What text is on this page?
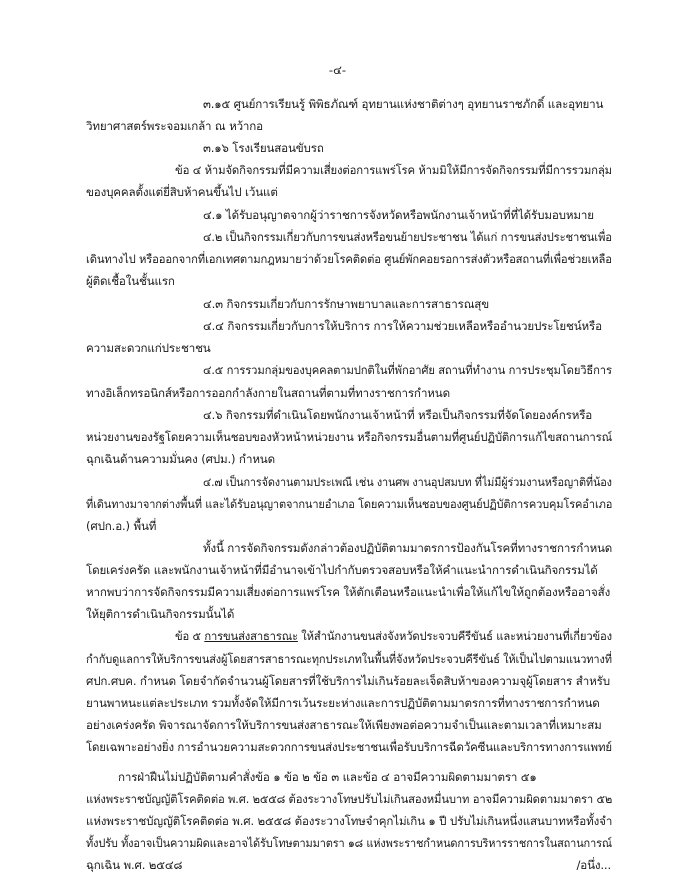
-๔-
๓.๑๕ ศูนย์การเรียนรู้ พิพิธภัณฑ์ อุทยานแห่งชาติต่างๆ อุทยานราชภักดิ์ และอุทยาน
วิทยาศาสตร์พระจอมเกล้า ณ หว้ากอ
๓.๑๖ โรงเรียนสอนขับรถ
ข้อ ๔ ห้ามจัดกิจกรรมที่มีความเสี่ยงต่อการแพร่โรค ห้ามมิให้มีการจัดกิจกรรมที่มีการรวมกลุ่ม
ของบุคคลตั้งแต่ยี่สิบห้าคนขึ้นไป เว้นแต่
๔.๑ ได้รับอนุญาตจากผู้ว่าราชการจังหวัดหรือพนักงานเจ้าหน้าที่ที่ได้รับมอบหมาย
๔.๒ เป็นกิจกรรมเกี่ยวกับการขนส่งหรือขนย้ายประชาชน ได้แก่ การขนส่งประชาชนเพื่อ
เดินทางไป หรือออกจากที่เอกเทศตามกฎหมายว่าด้วยโรคติดต่อ ศูนย์พักคอยรอการส่งตัวหรือสถานที่เพื่อช่วยเหลือ
ผู้ติดเชื้อในชั้นแรก
๔.๓ กิจกรรมเกี่ยวกับการรักษาพยาบาลและการสาธารณสุข
๔.๔ กิจกรรมเกี่ยวกับการให้บริการ การให้ความช่วยเหลือหรืออำนวยประโยชน์หรือ
ความสะดวกแก่ประชาชน
๔.๕ การรวมกลุ่มของบุคคลตามปกติในที่พักอาศัย สถานที่ทำงาน การประชุมโดยวิธีการ
ทางอิเล็กทรอนิกส์หรือการออกกำลังกายในสถานที่ตามที่ทางราชการกำหนด
๔.๖ กิจกรรมที่ดำเนินโดยพนักงานเจ้าหน้าที่ หรือเป็นกิจกรรมที่จัดโดยองค์กรหรือ
หน่วยงานของรัฐโดยความเห็นชอบของหัวหน้าหน่วยงาน หรือกิจกรรมอื่นตามที่ศูนย์ปฏิบัติการแก้ไขสถานการณ์
ฉุกเฉินด้านความมั่นคง (ศปม.) กำหนด
๔.๗ เป็นการจัดงานตามประเพณี เช่น งานศพ งานอุปสมบท ที่ไม่มีผู้ร่วมงานหรือญาติที่น้อง
ที่เดินทางมาจากต่างพื้นที่ และได้รับอนุญาตจากนายอำเภอ โดยความเห็นชอบของศูนย์ปฏิบัติการควบคุมโรคอำเภอ
(ศปก.อ.) พื้นที่
ทั้งนี้ การจัดกิจกรรมดังกล่าวต้องปฏิบัติตามมาตรการป้องกันโรคที่ทางราชการกำหนด
โดยเคร่งครัด และพนักงานเจ้าหน้าที่มีอำนาจเข้าไปกำกับตรวจสอบหรือให้คำแนะนำการดำเนินกิจกรรมได้
หากพบว่าการจัดกิจกรรมมีความเสี่ยงต่อการแพร่โรค ให้ตักเตือนหรือแนะนำเพื่อให้แก้ไขให้ถูกต้องหรืออาจสั่ง
ให้ยุติการดำเนินกิจกรรมนั้นได้
ข้อ ๕ การขนส่งสาธารณะ ให้สำนักงานขนส่งจังหวัดประจวบคีรีขันธ์ และหน่วยงานที่เกี่ยวข้อง
กำกับดูแลการให้บริการขนส่งผู้โดยสารสาธารณะทุกประเภทในพื้นที่จังหวัดประจวบคีรีขันธ์ ให้เป็นไปตามแนวทางที่
ศปก.ศบค. กำหนด โดยจำกัดจำนวนผู้โดยสารที่ใช้บริการไม่เกินร้อยละเจ็ดสิบห้าของความจุผู้โดยสาร สำหรับ
ยานพาหนะแต่ละประเภท รวมทั้งจัดให้มีการเว้นระยะห่างและการปฏิบัติตามมาตรการที่ทางราชการกำหนด
อย่างเคร่งครัด พิจารณาจัดการให้บริการขนส่งสาธารณะให้เพียงพอต่อความจำเป็นและตามเวลาที่เหมาะสม
โดยเฉพาะอย่างยิ่ง การอำนวยความสะดวกการขนส่งประชาชนเพื่อรับบริการฉีดวัคซีนและบริการทางการแพทย์
การฝ่าฝืนไม่ปฏิบัติตามคำสั่งข้อ ๑ ข้อ ๒ ข้อ ๓ และข้อ ๔ อาจมีความผิดตามมาตรา ๕๑
แห่งพระราชบัญญัติโรคติดต่อ พ.ศ. ๒๕๕๘ ต้องระวางโทษปรับไม่เกินสองหมื่นบาท อาจมีความผิดตามมาตรา ๕๒
แห่งพระราชบัญญัติโรคติดต่อ พ.ศ. ๒๕๕๘ ต้องระวางโทษจำคุกไม่เกิน ๑ ปี ปรับไม่เกินหนึ่งแสนบาทหรือทั้งจำ
ทั้งปรับ ทั้งอาจเป็นความผิดและอาจได้รับโทษตามมาตรา ๑๘ แห่งพระราชกำหนดการบริหารราชการในสถานการณ์
ฉุกเฉิน พ.ศ. ๒๕๔๘	/อนึ่ง...
